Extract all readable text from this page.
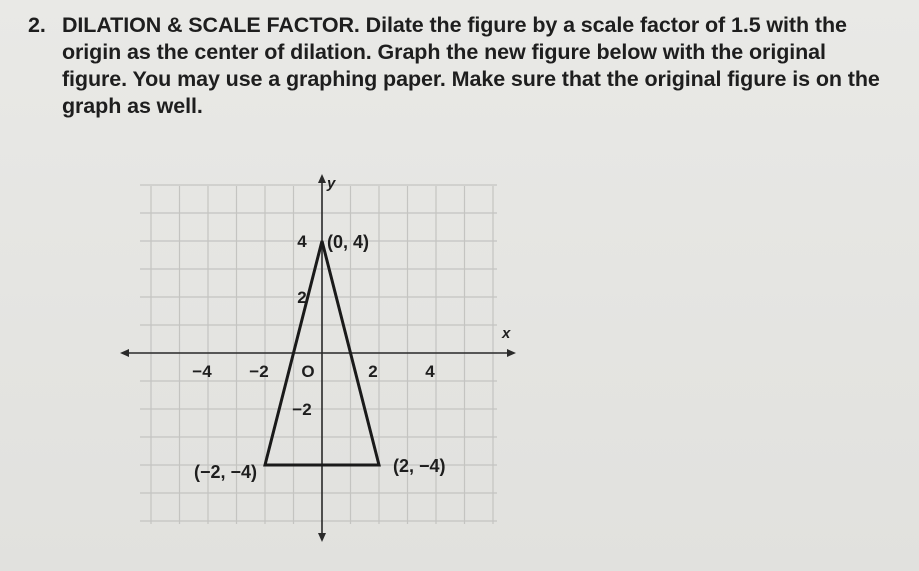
2. DILATION & SCALE FACTOR. Dilate the figure by a scale factor of 1.5 with the
origin as the center of dilation. Graph the new figure below with the original
figure. You may use a graphing paper. Make sure that the original figure is on the
graph as well.
x
y
−4 −2 O	2	4
4
2
−2
(0, 4)
(2, −4)
(−2, −4)
